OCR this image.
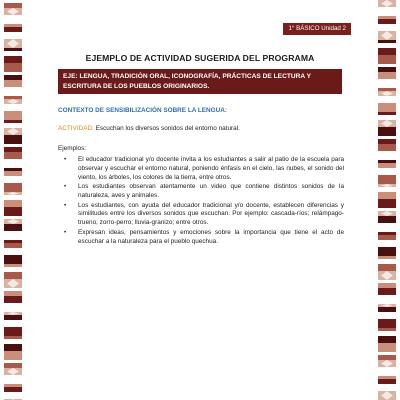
1° BÁSICO Unidad 2
EJEMPLO DE ACTIVIDAD SUGERIDA DEL PROGRAMA
EJE: LENGUA, TRADICIÓN ORAL, ICONOGRAFÍA, PRÁCTICAS DE LECTURA Y ESCRITURA DE LOS PUEBLOS ORIGINARIOS.
CONTEXTO DE SENSIBILIZACIÓN SOBRE LA LENGUA:
ACTIVIDAD: Escuchan los diversos sonidos del entorno natural.
Ejemplos:
• El educador tradicional y/o docente invita a los estudiantes a salir al patio de la escuela para observar y escuchar el entorno natural, poniendo énfasis en el cielo, las nubes, el sonido del viento, los árboles, los colores de la tierra, entre otros.
• Los estudiantes observan atentamente un video que contiene distintos sonidos de la naturaleza, aves y animales.
• Los estudiantes, con ayuda del educador tradicional y/o docente, establecen diferencias y similitudes entre los diversos sonidos que escuchan. Por ejemplo: cascada-ríos; relámpago-trueno, zorro-perro; lluvia-granizo; entre otros.
• Expresan ideas, pensamientos y emociones sobre la importancia que tiene el acto de escuchar a la naturaleza para el pueblo quechua.
